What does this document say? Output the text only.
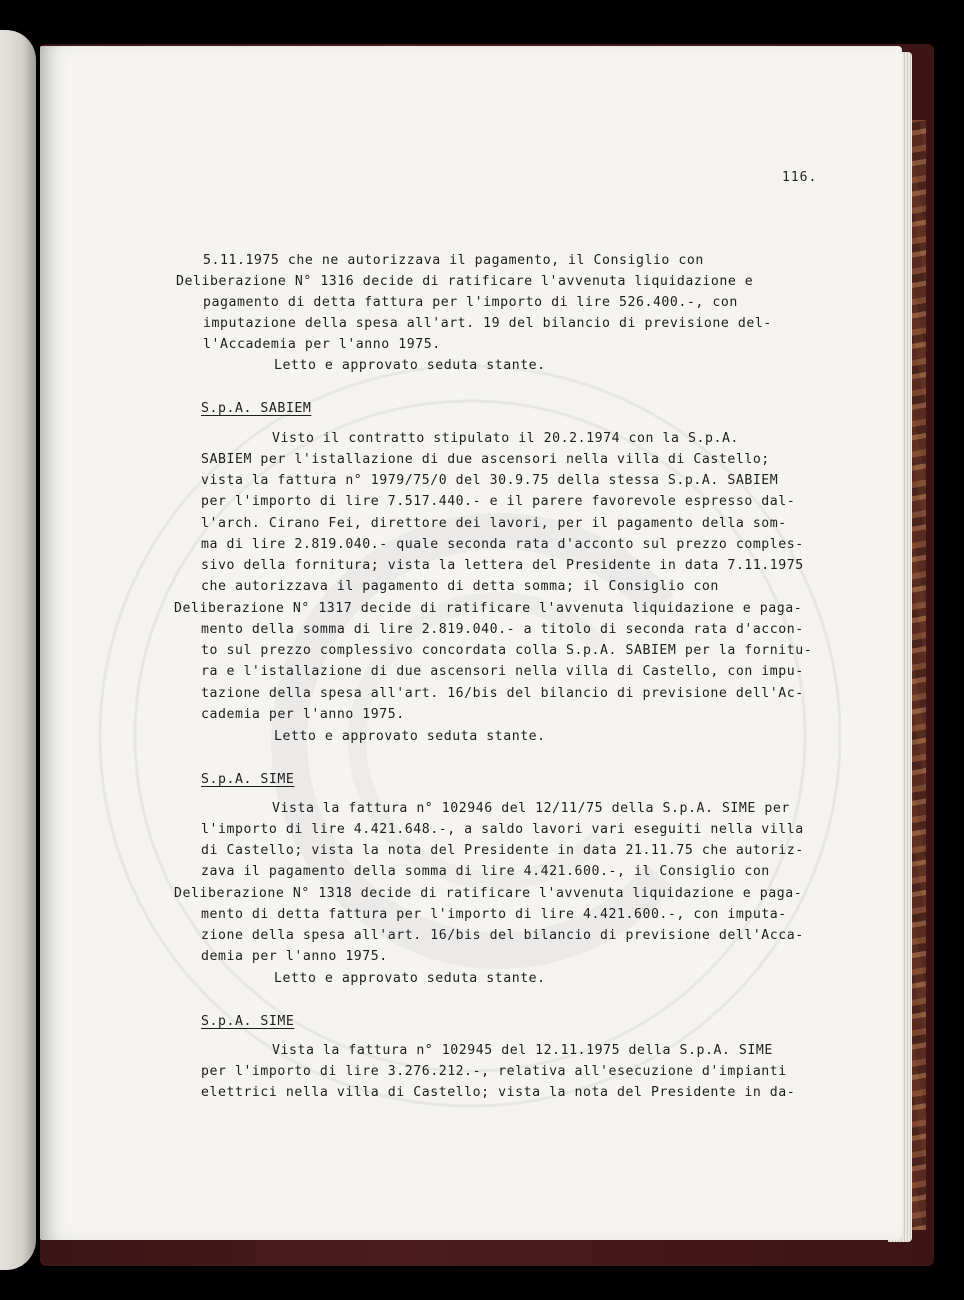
116.
5.11.1975 che ne autorizzava il pagamento, il Consiglio con
Deliberazione N° 1316 decide di ratificare l'avvenuta liquidazione e
pagamento di detta fattura per l'importo di lire 526.400.-, con
imputazione della spesa all'art. 19 del bilancio di previsione del-
l'Accademia per l'anno 1975.
Letto e approvato seduta stante.
S.p.A. SABIEM
Visto il contratto stipulato il 20.2.1974 con la S.p.A.
SABIEM per l'istallazione di due ascensori nella villa di Castello;
vista la fattura n° 1979/75/0 del 30.9.75 della stessa S.p.A. SABIEM
per l'importo di lire 7.517.440.- e il parere favorevole espresso dal-
l'arch. Cirano Fei, direttore dei lavori, per il pagamento della som-
ma di lire 2.819.040.- quale seconda rata d'acconto sul prezzo comples-
sivo della fornitura; vista la lettera del Presidente in data 7.11.1975
che autorizzava il pagamento di detta somma; il Consiglio con
Deliberazione N° 1317 decide di ratificare l'avvenuta liquidazione e paga-
mento della somma di lire 2.819.040.- a titolo di seconda rata d'accon-
to sul prezzo complessivo concordata colla S.p.A. SABIEM per la fornitu-
ra e l'istallazione di due ascensori nella villa di Castello, con impu-
tazione della spesa all'art. 16/bis del bilancio di previsione dell'Ac-
cademia per l'anno 1975.
Letto e approvato seduta stante.
S.p.A. SIME
Vista la fattura n° 102946 del 12/11/75 della S.p.A. SIME per
l'importo di lire 4.421.648.-, a saldo lavori vari eseguiti nella villa
di Castello; vista la nota del Presidente in data 21.11.75 che autoriz-
zava il pagamento della somma di lire 4.421.600.-, il Consiglio con
Deliberazione N° 1318 decide di ratificare l'avvenuta liquidazione e paga-
mento di detta fattura per l'importo di lire 4.421.600.-, con imputa-
zione della spesa all'art. 16/bis del bilancio di previsione dell'Acca-
demia per l'anno 1975.
Letto e approvato seduta stante.
S.p.A. SIME
Vista la fattura n° 102945 del 12.11.1975 della S.p.A. SIME
per l'importo di lire 3.276.212.-, relativa all'esecuzione d'impianti
elettrici nella villa di Castello; vista la nota del Presidente in da-
